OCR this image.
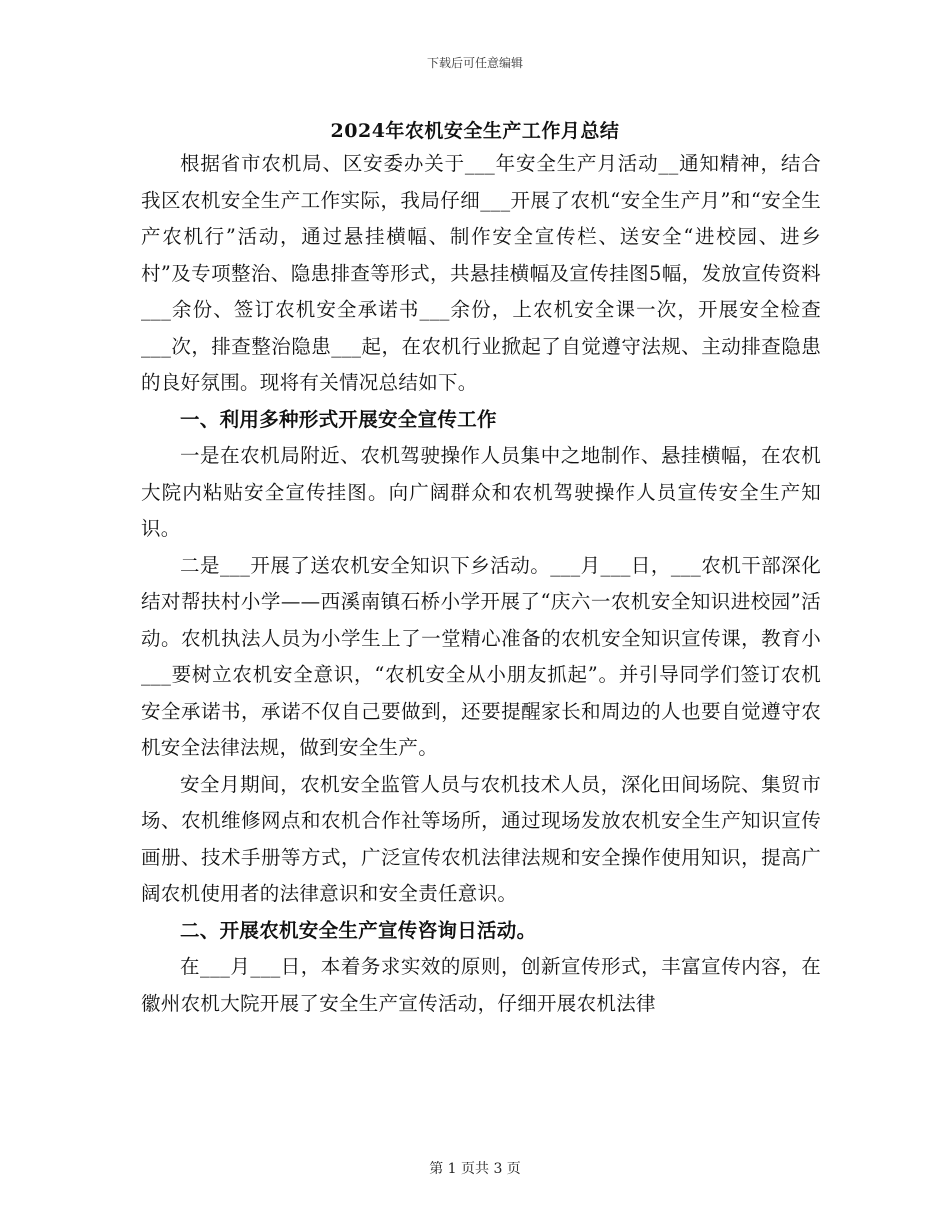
下载后可任意编辑
2024年农机安全生产工作月总结

根据省市农机局、区安委办关于___年安全生产月活动__通知精神，结合我区农机安全生产工作实际，我局仔细___开展了农机“安全生产月”和“安全生产农机行”活动，通过悬挂横幅、制作安全宣传栏、送安全“进校园、进乡村”及专项整治、隐患排查等形式，共悬挂横幅及宣传挂图5幅，发放宣传资料___余份、签订农机安全承诺书___余份，上农机安全课一次，开展安全检查___次，排查整治隐患___起，在农机行业掀起了自觉遵守法规、主动排查隐患的良好氛围。现将有关情况总结如下。

一、利用多种形式开展安全宣传工作

一是在农机局附近、农机驾驶操作人员集中之地制作、悬挂横幅，在农机大院内粘贴安全宣传挂图。向广阔群众和农机驾驶操作人员宣传安全生产知识。

二是___开展了送农机安全知识下乡活动。___月___日，___农机干部深化结对帮扶村小学——西溪南镇石桥小学开展了“庆六一农机安全知识进校园”活动。农机执法人员为小学生上了一堂精心准备的农机安全知识宣传课，教育小___要树立农机安全意识，“农机安全从小朋友抓起”。并引导同学们签订农机安全承诺书，承诺不仅自己要做到，还要提醒家长和周边的人也要自觉遵守农机安全法律法规，做到安全生产。

安全月期间，农机安全监管人员与农机技术人员，深化田间场院、集贸市场、农机维修网点和农机合作社等场所，通过现场发放农机安全生产知识宣传画册、技术手册等方式，广泛宣传农机法律法规和安全操作使用知识，提高广阔农机使用者的法律意识和安全责任意识。

二、开展农机安全生产宣传咨询日活动。

在___月___日，本着务求实效的原则，创新宣传形式，丰富宣传内容，在徽州农机大院开展了安全生产宣传活动，仔细开展农机法律

第 1 页共 3 页
